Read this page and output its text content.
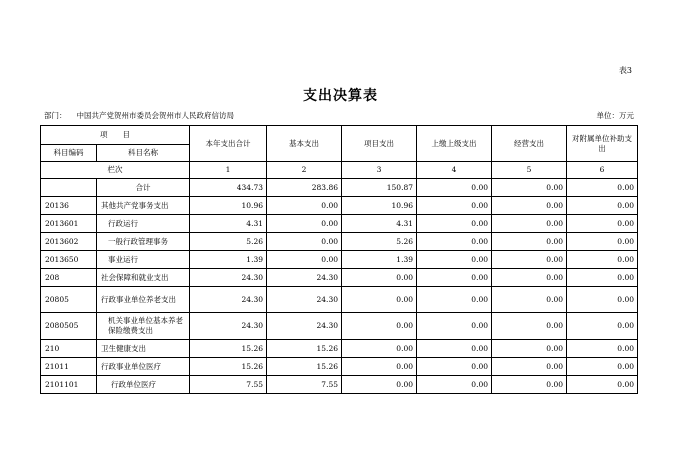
表3
支出决算表
部门： 中国共产党贺州市委员会贺州市人民政府信访局	单位：万元
项　　目		本年支出合计	基本支出	项目支出	上缴上级支出	经营支出	对附属单位补助支出
科目编码	科目名称						
栏次		1	2	3	4	5	6
	合计	434.73	283.86	150.87	0.00	0.00	0.00
20136	其他共产党事务支出	10.96	0.00	10.96	0.00	0.00	0.00
2013601	行政运行	4.31	0.00	4.31	0.00	0.00	0.00
2013602	一般行政管理事务	5.26	0.00	5.26	0.00	0.00	0.00
2013650	事业运行	1.39	0.00	1.39	0.00	0.00	0.00
208	社会保障和就业支出	24.30	24.30	0.00	0.00	0.00	0.00
20805	行政事业单位养老支出	24.30	24.30	0.00	0.00	0.00	0.00
2080505	机关事业单位基本养老保险缴费支出	24.30	24.30	0.00	0.00	0.00	0.00
210	卫生健康支出	15.26	15.26	0.00	0.00	0.00	0.00
21011	行政事业单位医疗	15.26	15.26	0.00	0.00	0.00	0.00
2101101	行政单位医疗	7.55	7.55	0.00	0.00	0.00	0.00
